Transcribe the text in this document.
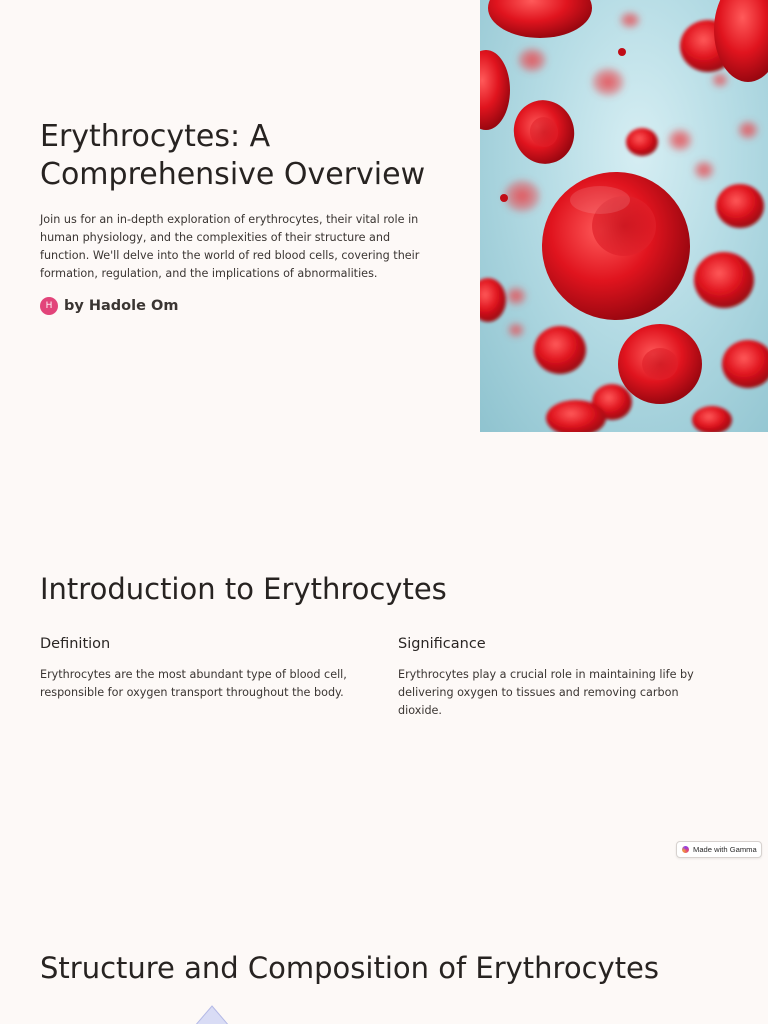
Erythrocytes: A Comprehensive Overview

Join us for an in-depth exploration of erythrocytes, their vital role in human physiology, and the complexities of their structure and function. We'll delve into the world of red blood cells, covering their formation, regulation, and the implications of abnormalities.

H by Hadole Om
Introduction to Erythrocytes
Definition

Erythrocytes are the most abundant type of blood cell, responsible for oxygen transport throughout the body.

Significance

Erythrocytes play a crucial role in maintaining life by delivering oxygen to tissues and removing carbon dioxide.

Made with Gamma
Structure and Composition of Erythrocytes
